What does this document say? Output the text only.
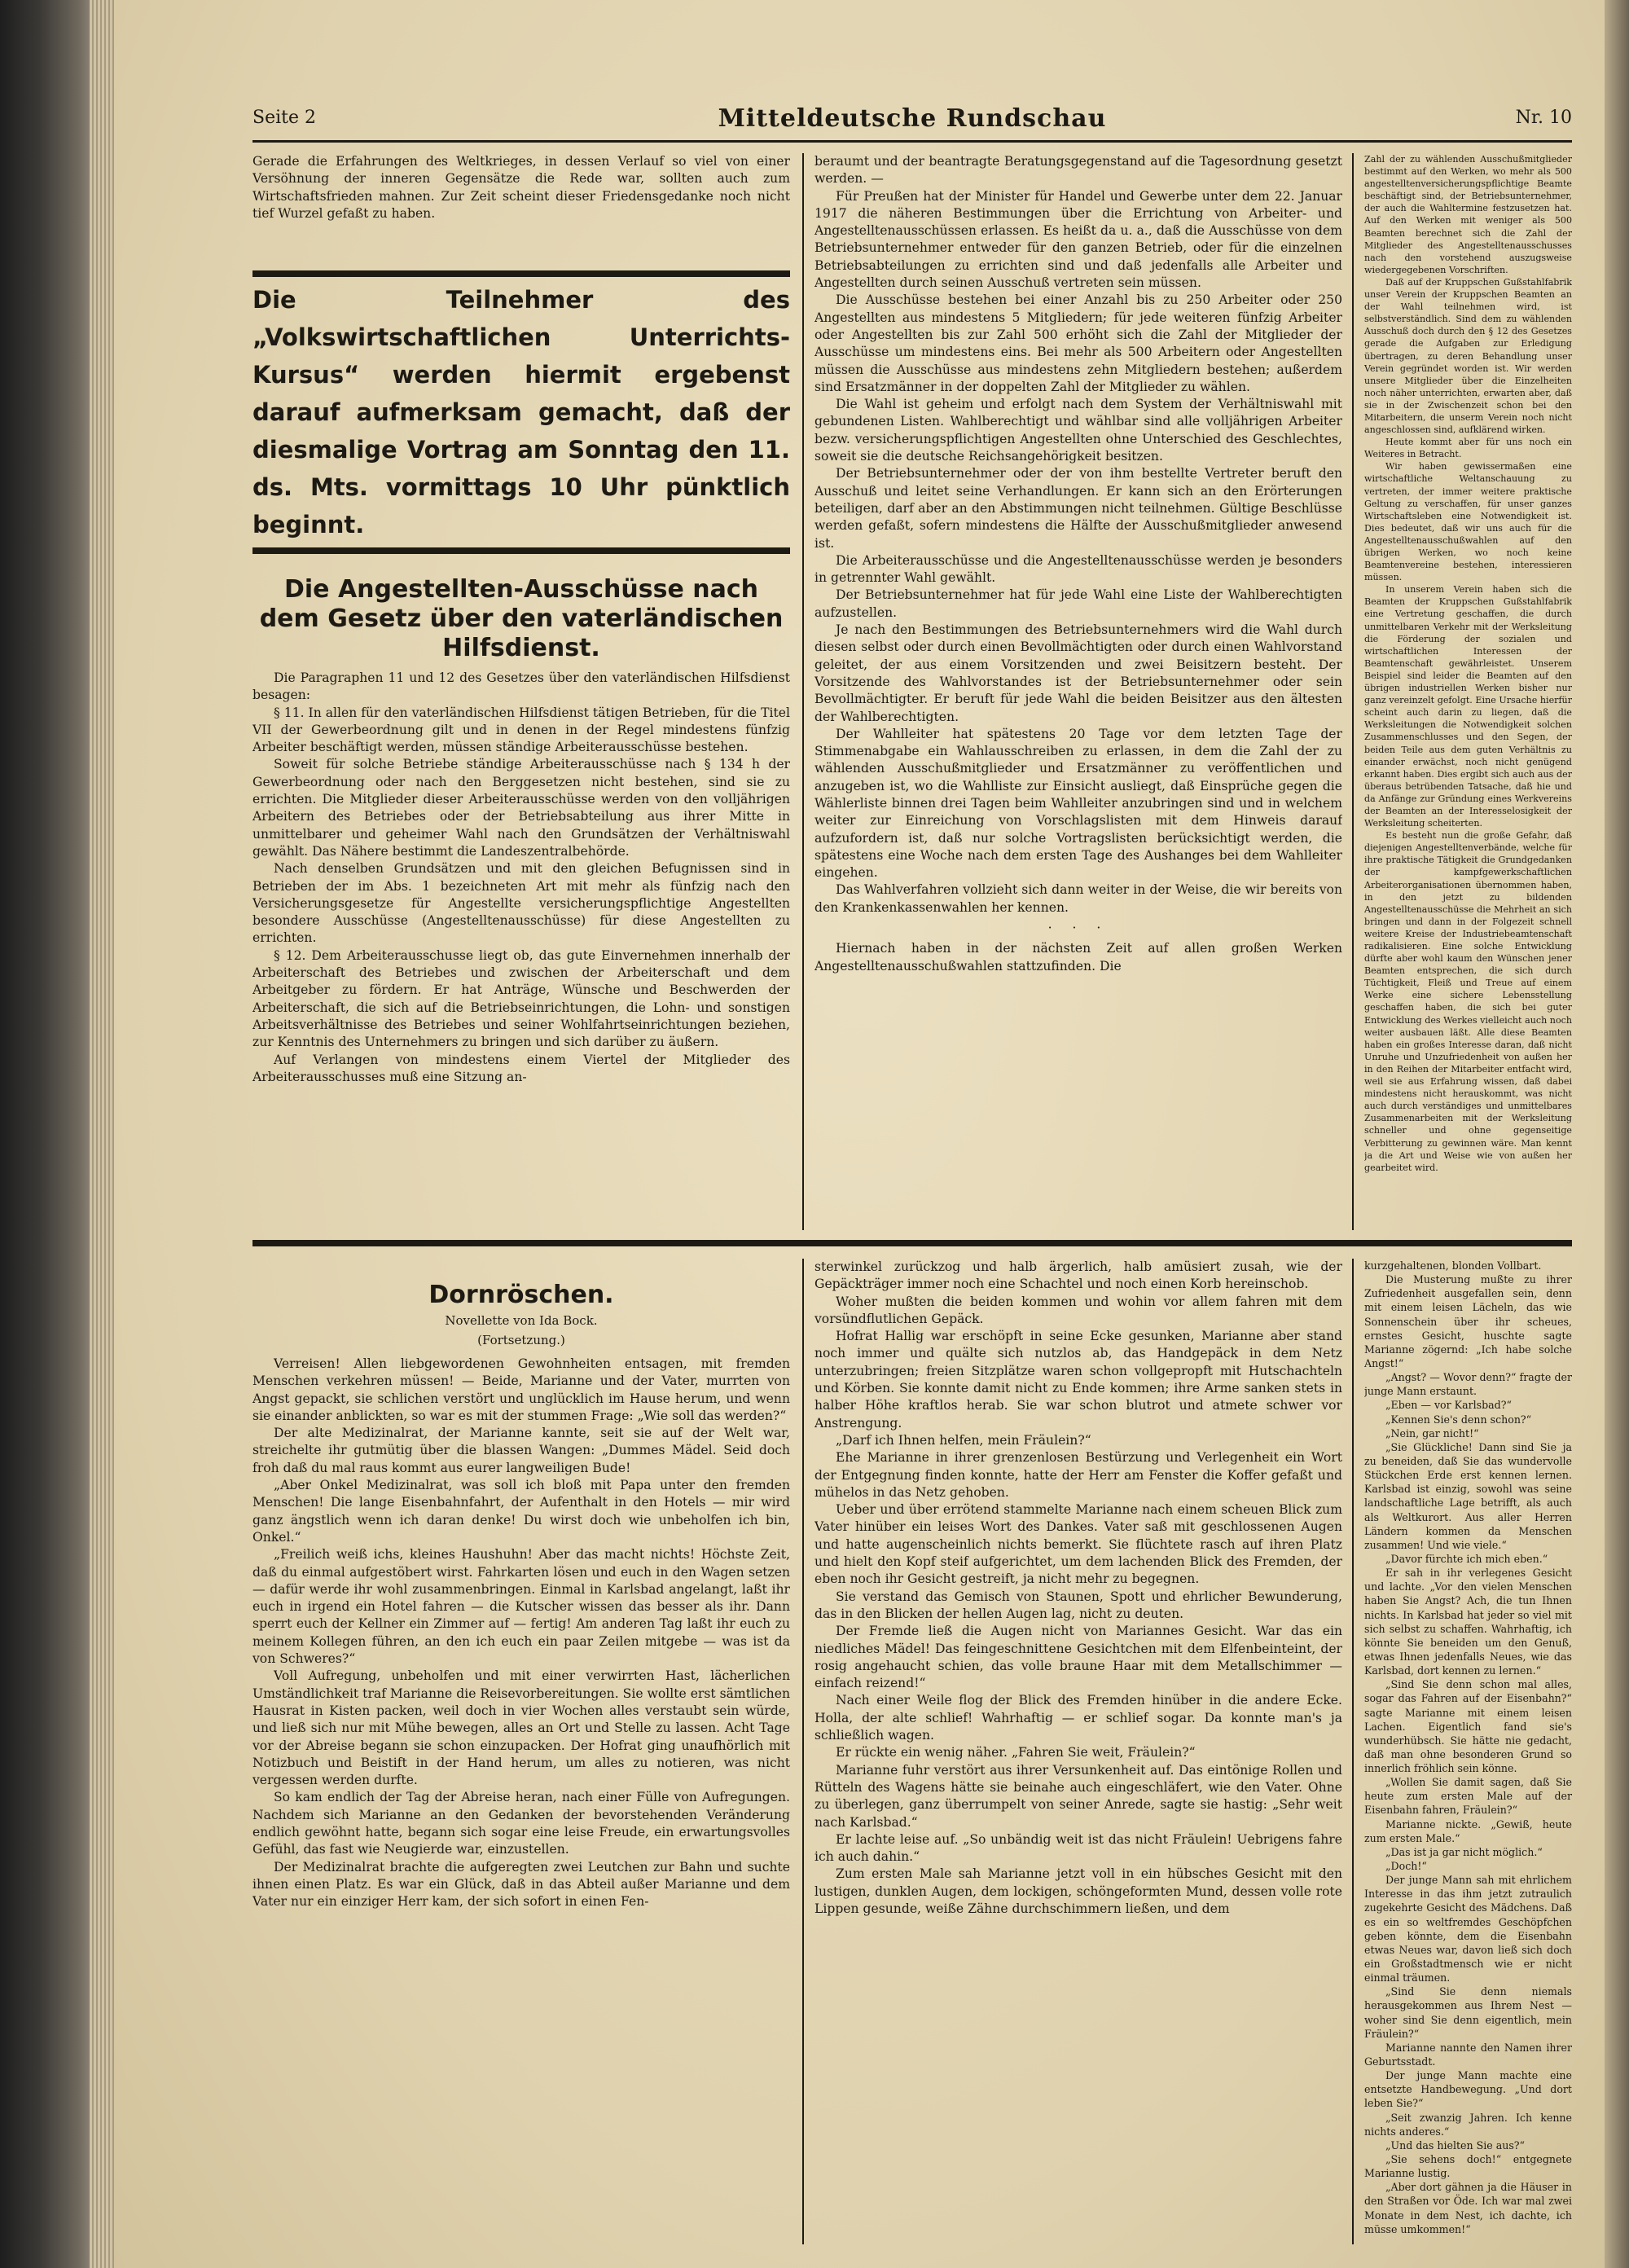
Seite 2	Mitteldeutsche Rundschau	Nr. 10

Gerade die Erfahrungen des Weltkrieges, in dessen Verlauf so viel von einer Versöhnung der inneren Gegensätze die Rede war, sollten auch zum Wirtschaftsfrieden mahnen. Zur Zeit scheint dieser Friedensgedanke noch nicht tief Wurzel gefaßt zu haben.

Die Teilnehmer des „Volkswirtschaftlichen Unterrichts-Kursus“ werden hiermit ergebenst darauf aufmerksam gemacht, daß der diesmalige Vortrag am Sonntag den 11. ds. Mts. vormittags 10 Uhr pünktlich beginnt.
Die Angestellten-Ausschüsse nach dem Gesetz über den vaterländischen Hilfsdienst.

Die Paragraphen 11 und 12 des Gesetzes über den vaterländischen Hilfsdienst besagen:

§ 11. In allen für den vaterländischen Hilfsdienst tätigen Betrieben, für die Titel VII der Gewerbeordnung gilt und in denen in der Regel mindestens fünfzig Arbeiter beschäftigt werden, müssen ständige Arbeiterausschüsse bestehen.

Soweit für solche Betriebe ständige Arbeiterausschüsse nach § 134 h der Gewerbeordnung oder nach den Berggesetzen nicht bestehen, sind sie zu errichten. Die Mitglieder dieser Arbeiterausschüsse werden von den volljährigen Arbeitern des Betriebes oder der Betriebsabteilung aus ihrer Mitte in unmittelbarer und geheimer Wahl nach den Grundsätzen der Verhältniswahl gewählt. Das Nähere bestimmt die Landeszentralbehörde.

Nach denselben Grundsätzen und mit den gleichen Befugnissen sind in Betrieben der im Abs. 1 bezeichneten Art mit mehr als fünfzig nach den Versicherungsgesetze für Angestellte versicherungspflichtige Angestellten besondere Ausschüsse (Angestelltenausschüsse) für diese Angestellten zu errichten.

§ 12. Dem Arbeiterausschusse liegt ob, das gute Einvernehmen innerhalb der Arbeiterschaft des Betriebes und zwischen der Arbeiterschaft und dem Arbeitgeber zu fördern. Er hat Anträge, Wünsche und Beschwerden der Arbeiterschaft, die sich auf die Betriebseinrichtungen, die Lohn- und sonstigen Arbeitsverhältnisse des Betriebes und seiner Wohlfahrtseinrichtungen beziehen, zur Kenntnis des Unternehmers zu bringen und sich darüber zu äußern.

Auf Verlangen von mindestens einem Viertel der Mitglieder des Arbeiterausschusses muß eine Sitzung an-

beraumt und der beantragte Beratungsgegenstand auf die Tagesordnung gesetzt werden. —

Für Preußen hat der Minister für Handel und Gewerbe unter dem 22. Januar 1917 die näheren Bestimmungen über die Errichtung von Arbeiter- und Angestelltenausschüssen erlassen. Es heißt da u. a., daß die Ausschüsse von dem Betriebsunternehmer entweder für den ganzen Betrieb, oder für die einzelnen Betriebsabteilungen zu errichten sind und daß jedenfalls alle Arbeiter und Angestellten durch seinen Ausschuß vertreten sein müssen.

Die Ausschüsse bestehen bei einer Anzahl bis zu 250 Arbeiter oder 250 Angestellten aus mindestens 5 Mitgliedern; für jede weiteren fünfzig Arbeiter oder Angestellten bis zur Zahl 500 erhöht sich die Zahl der Mitglieder der Ausschüsse um mindestens eins. Bei mehr als 500 Arbeitern oder Angestellten müssen die Ausschüsse aus mindestens zehn Mitgliedern bestehen; außerdem sind Ersatzmänner in der doppelten Zahl der Mitglieder zu wählen.

Die Wahl ist geheim und erfolgt nach dem System der Verhältniswahl mit gebundenen Listen. Wahlberechtigt und wählbar sind alle volljährigen Arbeiter bezw. versicherungspflichtigen Angestellten ohne Unterschied des Geschlechtes, soweit sie die deutsche Reichsangehörigkeit besitzen.

Der Betriebsunternehmer oder der von ihm bestellte Vertreter beruft den Ausschuß und leitet seine Verhandlungen. Er kann sich an den Erörterungen beteiligen, darf aber an den Abstimmungen nicht teilnehmen. Gültige Beschlüsse werden gefaßt, sofern mindestens die Hälfte der Ausschußmitglieder anwesend ist.

Die Arbeiterausschüsse und die Angestelltenausschüsse werden je besonders in getrennter Wahl gewählt.

Der Betriebsunternehmer hat für jede Wahl eine Liste der Wahlberechtigten aufzustellen.

Je nach den Bestimmungen des Betriebsunternehmers wird die Wahl durch diesen selbst oder durch einen Bevollmächtigten oder durch einen Wahlvorstand geleitet, der aus einem Vorsitzenden und zwei Beisitzern besteht. Der Vorsitzende des Wahlvorstandes ist der Betriebsunternehmer oder sein Bevollmächtigter. Er beruft für jede Wahl die beiden Beisitzer aus den ältesten der Wahlberechtigten.

Der Wahlleiter hat spätestens 20 Tage vor dem letzten Tage der Stimmenabgabe ein Wahlausschreiben zu erlassen, in dem die Zahl der zu wählenden Ausschußmitglieder und Ersatzmänner zu veröffentlichen und anzugeben ist, wo die Wahlliste zur Einsicht ausliegt, daß Einsprüche gegen die Wählerliste binnen drei Tagen beim Wahlleiter anzubringen sind und in welchem weiter zur Einreichung von Vorschlagslisten mit dem Hinweis darauf aufzufordern ist, daß nur solche Vortragslisten berücksichtigt werden, die spätestens eine Woche nach dem ersten Tage des Aushanges bei dem Wahlleiter eingehen.

Das Wahlverfahren vollzieht sich dann weiter in der Weise, die wir bereits von den Krankenkassenwahlen her kennen.

· · ·

Hiernach haben in der nächsten Zeit auf allen großen Werken Angestelltenausschußwahlen stattzufinden. Die

Zahl der zu wählenden Ausschußmitglieder bestimmt auf den Werken, wo mehr als 500 angestelltenversicherungspflichtige Beamte beschäftigt sind, der Betriebsunternehmer, der auch die Wahltermine festzusetzen hat. Auf den Werken mit weniger als 500 Beamten berechnet sich die Zahl der Mitglieder des Angestelltenausschusses nach den vorstehend auszugsweise wiedergegebenen Vorschriften.

Daß auf der Kruppschen Gußstahlfabrik unser Verein der Kruppschen Beamten an der Wahl teilnehmen wird, ist selbstverständlich. Sind dem zu wählenden Ausschuß doch durch den § 12 des Gesetzes gerade die Aufgaben zur Erledigung übertragen, zu deren Behandlung unser Verein gegründet worden ist. Wir werden unsere Mitglieder über die Einzelheiten noch näher unterrichten, erwarten aber, daß sie in der Zwischenzeit schon bei den Mitarbeitern, die unserm Verein noch nicht angeschlossen sind, aufklärend wirken.

Heute kommt aber für uns noch ein Weiteres in Betracht.

Wir haben gewissermaßen eine wirtschaftliche Weltanschauung zu vertreten, der immer weitere praktische Geltung zu verschaffen, für unser ganzes Wirtschaftsleben eine Notwendigkeit ist. Dies bedeutet, daß wir uns auch für die Angestelltenausschußwahlen auf den übrigen Werken, wo noch keine Beamtenvereine bestehen, interessieren müssen.

In unserem Verein haben sich die Beamten der Kruppschen Gußstahlfabrik eine Vertretung geschaffen, die durch unmittelbaren Verkehr mit der Werksleitung die Förderung der sozialen und wirtschaftlichen Interessen der Beamtenschaft gewährleistet. Unserem Beispiel sind leider die Beamten auf den übrigen industriellen Werken bisher nur ganz vereinzelt gefolgt. Eine Ursache hierfür scheint auch darin zu liegen, daß die Werksleitungen die Notwendigkeit solchen Zusammenschlusses und den Segen, der beiden Teile aus dem guten Verhältnis zu einander erwächst, noch nicht genügend erkannt haben. Dies ergibt sich auch aus der überaus betrübenden Tatsache, daß hie und da Anfänge zur Gründung eines Werkvereins der Beamten an der Interesselosigkeit der Werksleitung scheiterten.

Es besteht nun die große Gefahr, daß diejenigen Angestelltenverbände, welche für ihre praktische Tätigkeit die Grundgedanken der kampfgewerkschaftlichen Arbeiterorganisationen übernommen haben, in den jetzt zu bildenden Angestelltenausschüsse die Mehrheit an sich bringen und dann in der Folgezeit schnell weitere Kreise der Industriebeamtenschaft radikalisieren. Eine solche Entwicklung dürfte aber wohl kaum den Wünschen jener Beamten entsprechen, die sich durch Tüchtigkeit, Fleiß und Treue auf einem Werke eine sichere Lebensstellung geschaffen haben, die sich bei guter Entwicklung des Werkes vielleicht auch noch weiter ausbauen läßt. Alle diese Beamten haben ein großes Interesse daran, daß nicht Unruhe und Unzufriedenheit von außen her in den Reihen der Mitarbeiter entfacht wird, weil sie aus Erfahrung wissen, daß dabei mindestens nicht herauskommt, was nicht auch durch verständiges und unmittelbares Zusammenarbeiten mit der Werksleitung schneller und ohne gegenseitige Verbitterung zu gewinnen wäre. Man kennt ja die Art und Weise wie von außen her gearbeitet wird.

Dornröschen.
Novellette von Ida Bock.
(Fortsetzung.)

Verreisen! Allen liebgewordenen Gewohnheiten entsagen, mit fremden Menschen verkehren müssen! — Beide, Marianne und der Vater, murrten von Angst gepackt, sie schlichen verstört und unglücklich im Hause herum, und wenn sie einander anblickten, so war es mit der stummen Frage: „Wie soll das werden?“

Der alte Medizinalrat, der Marianne kannte, seit sie auf der Welt war, streichelte ihr gutmütig über die blassen Wangen: „Dummes Mädel. Seid doch froh daß du mal raus kommt aus eurer langweiligen Bude!

„Aber Onkel Medizinalrat, was soll ich bloß mit Papa unter den fremden Menschen! Die lange Eisenbahnfahrt, der Aufenthalt in den Hotels — mir wird ganz ängstlich wenn ich daran denke! Du wirst doch wie unbeholfen ich bin, Onkel.“

„Freilich weiß ichs, kleines Haushuhn! Aber das macht nichts! Höchste Zeit, daß du einmal aufgestöbert wirst. Fahrkarten lösen und euch in den Wagen setzen — dafür werde ihr wohl zusammenbringen. Einmal in Karlsbad angelangt, laßt ihr euch in irgend ein Hotel fahren — die Kutscher wissen das besser als ihr. Dann sperrt euch der Kellner ein Zimmer auf — fertig! Am anderen Tag laßt ihr euch zu meinem Kollegen führen, an den ich euch ein paar Zeilen mitgebe — was ist da von Schweres?“

Voll Aufregung, unbeholfen und mit einer verwirrten Hast, lächerlichen Umständlichkeit traf Marianne die Reisevorbereitungen. Sie wollte erst sämtlichen Hausrat in Kisten packen, weil doch in vier Wochen alles verstaubt sein würde, und ließ sich nur mit Mühe bewegen, alles an Ort und Stelle zu lassen. Acht Tage vor der Abreise begann sie schon einzupacken. Der Hofrat ging unaufhörlich mit Notizbuch und Beistift in der Hand herum, um alles zu notieren, was nicht vergessen werden durfte.

So kam endlich der Tag der Abreise heran, nach einer Fülle von Aufregungen. Nachdem sich Marianne an den Gedanken der bevorstehenden Veränderung endlich gewöhnt hatte, begann sich sogar eine leise Freude, ein erwartungsvolles Gefühl, das fast wie Neugierde war, einzustellen.

Der Medizinalrat brachte die aufgeregten zwei Leutchen zur Bahn und suchte ihnen einen Platz. Es war ein Glück, daß in das Abteil außer Marianne und dem Vater nur ein einziger Herr kam, der sich sofort in einen Fen-

sterwinkel zurückzog und halb ärgerlich, halb amüsiert zusah, wie der Gepäckträger immer noch eine Schachtel und noch einen Korb hereinschob.

Woher mußten die beiden kommen und wohin vor allem fahren mit dem vorsündflutlichen Gepäck.

Hofrat Hallig war erschöpft in seine Ecke gesunken, Marianne aber stand noch immer und quälte sich nutzlos ab, das Handgepäck in dem Netz unterzubringen; freien Sitzplätze waren schon vollgepropft mit Hutschachteln und Körben. Sie konnte damit nicht zu Ende kommen; ihre Arme sanken stets in halber Höhe kraftlos herab. Sie war schon blutrot und atmete schwer vor Anstrengung.

„Darf ich Ihnen helfen, mein Fräulein?“

Ehe Marianne in ihrer grenzenlosen Bestürzung und Verlegenheit ein Wort der Entgegnung finden konnte, hatte der Herr am Fenster die Koffer gefaßt und mühelos in das Netz gehoben.

Ueber und über errötend stammelte Marianne nach einem scheuen Blick zum Vater hinüber ein leises Wort des Dankes. Vater saß mit geschlossenen Augen und hatte augenscheinlich nichts bemerkt. Sie flüchtete rasch auf ihren Platz und hielt den Kopf steif aufgerichtet, um dem lachenden Blick des Fremden, der eben noch ihr Gesicht gestreift, ja nicht mehr zu begegnen.

Sie verstand das Gemisch von Staunen, Spott und ehrlicher Bewunderung, das in den Blicken der hellen Augen lag, nicht zu deuten.

Der Fremde ließ die Augen nicht von Mariannes Gesicht. War das ein niedliches Mädel! Das feingeschnittene Gesichtchen mit dem Elfenbeinteint, der rosig angehaucht schien, das volle braune Haar mit dem Metallschimmer — einfach reizend!“

Nach einer Weile flog der Blick des Fremden hinüber in die andere Ecke. Holla, der alte schlief! Wahrhaftig — er schlief sogar. Da konnte man's ja schließlich wagen.

Er rückte ein wenig näher. „Fahren Sie weit, Fräulein?“

Marianne fuhr verstört aus ihrer Versunkenheit auf. Das eintönige Rollen und Rütteln des Wagens hätte sie beinahe auch eingeschläfert, wie den Vater. Ohne zu überlegen, ganz überrumpelt von seiner Anrede, sagte sie hastig: „Sehr weit nach Karlsbad.“

Er lachte leise auf. „So unbändig weit ist das nicht Fräulein! Uebrigens fahre ich auch dahin.“

Zum ersten Male sah Marianne jetzt voll in ein hübsches Gesicht mit den lustigen, dunklen Augen, dem lockigen, schöngeformten Mund, dessen volle rote Lippen gesunde, weiße Zähne durchschimmern ließen, und dem

kurzgehaltenen, blonden Vollbart.

Die Musterung mußte zu ihrer Zufriedenheit ausgefallen sein, denn mit einem leisen Lächeln, das wie Sonnenschein über ihr scheues, ernstes Gesicht, huschte sagte Marianne zögernd: „Ich habe solche Angst!“

„Angst? — Wovor denn?“ fragte der junge Mann erstaunt.

„Eben — vor Karlsbad?“

„Kennen Sie's denn schon?“

„Nein, gar nicht!“

„Sie Glückliche! Dann sind Sie ja zu beneiden, daß Sie das wundervolle Stückchen Erde erst kennen lernen. Karlsbad ist einzig, sowohl was seine landschaftliche Lage betrifft, als auch als Weltkurort. Aus aller Herren Ländern kommen da Menschen zusammen! Und wie viele.“

„Davor fürchte ich mich eben.“

Er sah in ihr verlegenes Gesicht und lachte. „Vor den vielen Menschen haben Sie Angst? Ach, die tun Ihnen nichts. In Karlsbad hat jeder so viel mit sich selbst zu schaffen. Wahrhaftig, ich könnte Sie beneiden um den Genuß, etwas Ihnen jedenfalls Neues, wie das Karlsbad, dort kennen zu lernen.“

„Sind Sie denn schon mal alles, sogar das Fahren auf der Eisenbahn?“ sagte Marianne mit einem leisen Lachen. Eigentlich fand sie's wunderhübsch. Sie hätte nie gedacht, daß man ohne besonderen Grund so innerlich fröhlich sein könne.

„Wollen Sie damit sagen, daß Sie heute zum ersten Male auf der Eisenbahn fahren, Fräulein?“

Marianne nickte. „Gewiß, heute zum ersten Male.“

„Das ist ja gar nicht möglich.“

„Doch!“

Der junge Mann sah mit ehrlichem Interesse in das ihm jetzt zutraulich zugekehrte Gesicht des Mädchens. Daß es ein so weltfremdes Geschöpfchen geben könnte, dem die Eisenbahn etwas Neues war, davon ließ sich doch ein Großstadtmensch wie er nicht einmal träumen.

„Sind Sie denn niemals herausgekommen aus Ihrem Nest — woher sind Sie denn eigentlich, mein Fräulein?“

Marianne nannte den Namen ihrer Geburtsstadt.

Der junge Mann machte eine entsetzte Handbewegung. „Und dort leben Sie?“

„Seit zwanzig Jahren. Ich kenne nichts anderes.“

„Und das hielten Sie aus?“

„Sie sehens doch!“ entgegnete Marianne lustig.

„Aber dort gähnen ja die Häuser in den Straßen vor Öde. Ich war mal zwei Monate in dem Nest, ich dachte, ich müsse umkommen!“
